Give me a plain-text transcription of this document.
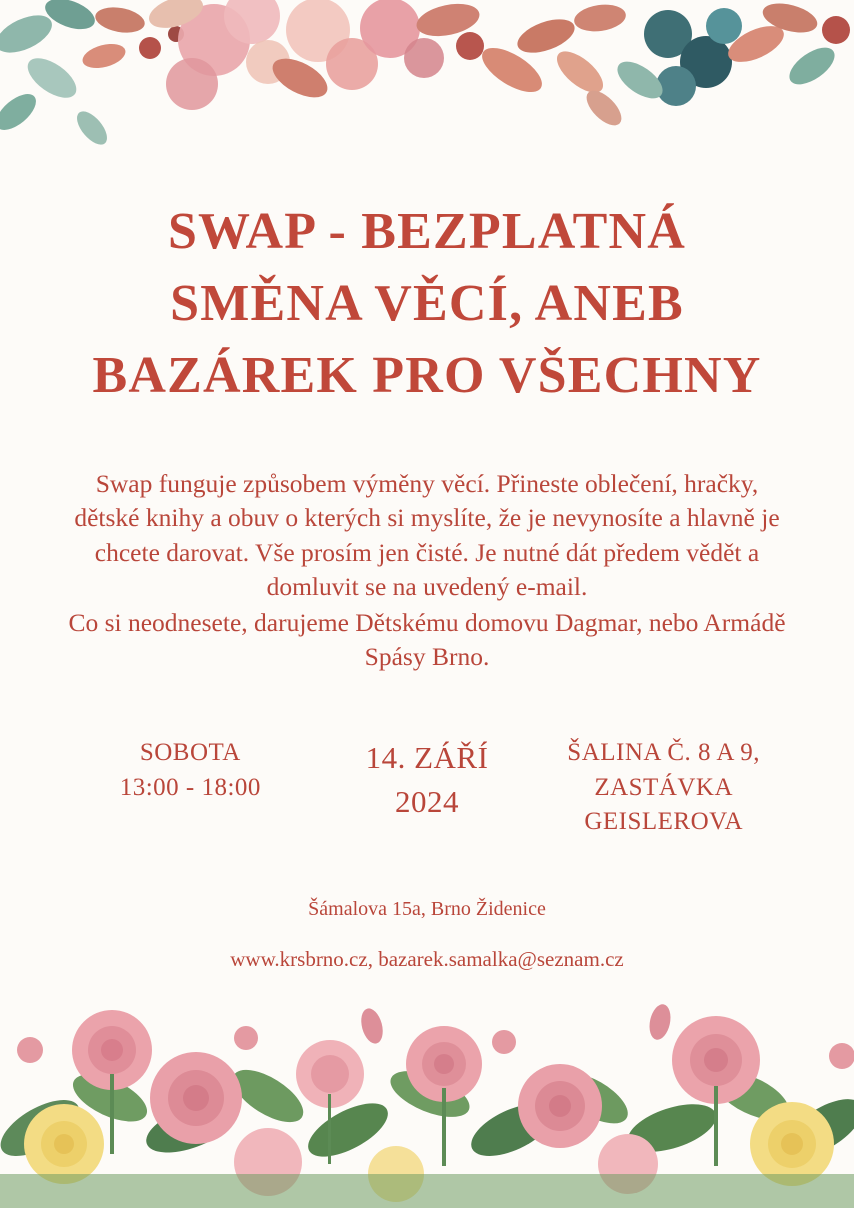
SWAP - BEZPLATNÁ
SMĚNA VĚCÍ, ANEB
BAZÁREK PRO VŠECHNY

Swap funguje způsobem výměny věcí. Přineste oblečení, hračky, dětské knihy a obuv o kterých si myslíte, že je nevynosíte a hlavně je chcete darovat. Vše prosím jen čisté. Je nutné dát předem vědět a domluvit se na uvedený e-mail.

Co si neodnesete, darujeme Dětskému domovu Dagmar, nebo Armádě Spásy Brno.

SOBOTA
13:00 - 18:00
14. ZÁŘÍ
2024
ŠALINA Č. 8 A 9,
ZASTÁVKA
GEISLEROVA

Šámalova 15a, Brno Židenice

www.krsbrno.cz, bazarek.samalka@seznam.cz
